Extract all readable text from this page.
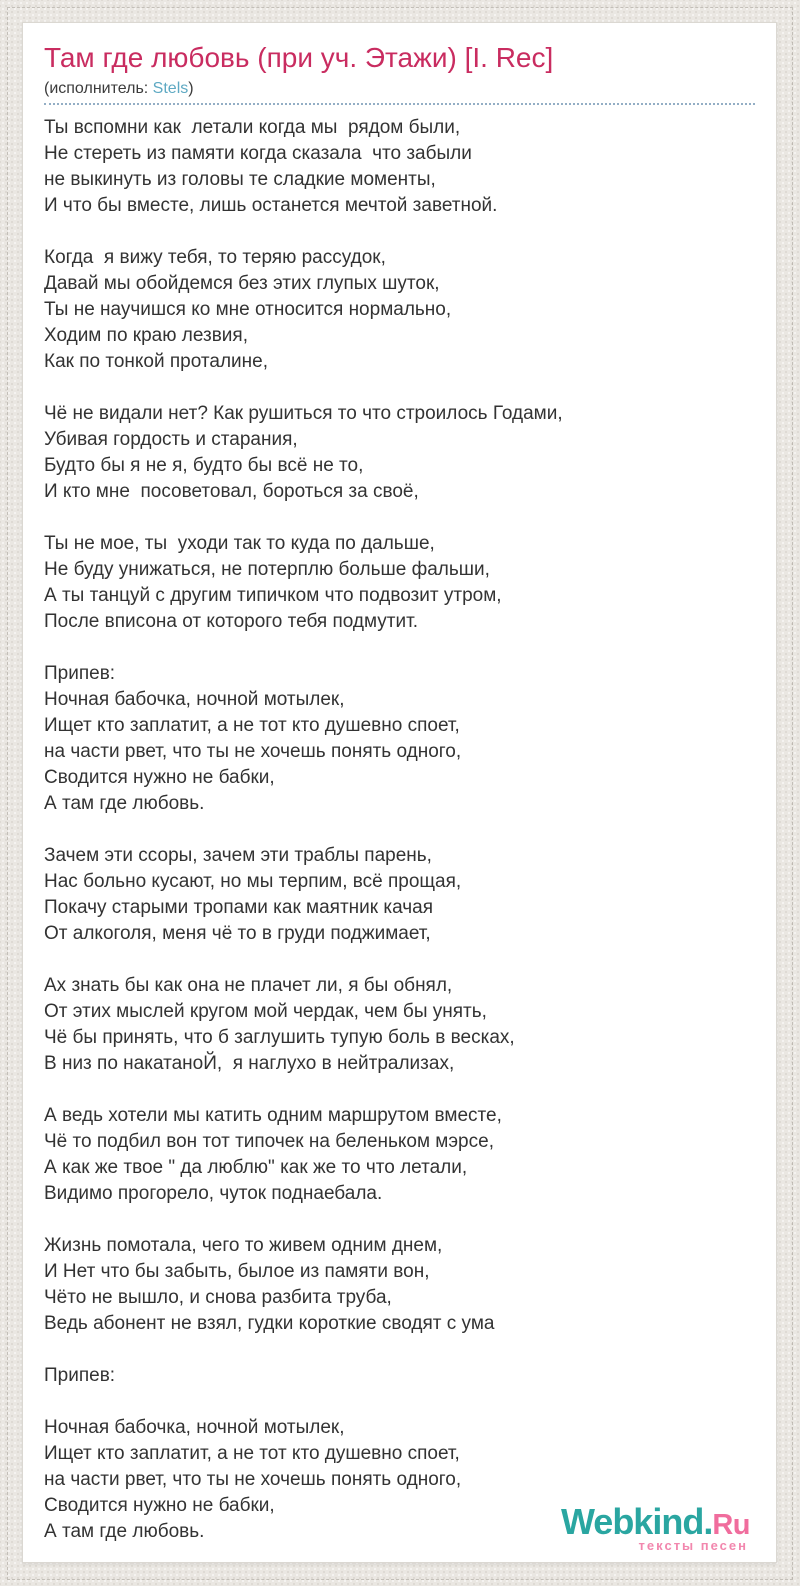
Там где любовь (при уч. Этажи) [I. Rec]
(исполнитель: Stels)
Ты вспомни как  летали когда мы  рядом были,
Не стереть из памяти когда сказала  что забыли
не выкинуть из головы те сладкие моменты,
И что бы вместе, лишь останется мечтой заветной.
Когда  я вижу тебя, то теряю рассудок,
Давай мы обойдемся без этих глупых шуток,
Ты не научишся ко мне относится нормально,
Ходим по краю лезвия,
Как по тонкой проталине,
Чё не видали нет? Как рушиться то что строилось Годами,
Убивая гордость и старания,
Будто бы я не я, будто бы всё не то,
И кто мне  посоветовал, бороться за своё,
Ты не мое, ты  уходи так то куда по дальше,
Не буду унижаться, не потерплю больше фальши,
А ты танцуй с другим типичком что подвозит утром,
После вписона от которого тебя подмутит.
Припев:
Ночная бабочка, ночной мотылек,
Ищет кто заплатит, а не тот кто душевно споет,
на части рвет, что ты не хочешь понять одного,
Сводится нужно не бабки,
А там где любовь.
Зачем эти ссоры, зачем эти траблы парень,
Нас больно кусают, но мы терпим, всё прощая,
Покачу старыми тропами как маятник качая
От алкоголя, меня чё то в груди поджимает,
Ах знать бы как она не плачет ли, я бы обнял,
От этих мыслей кругом мой чердак, чем бы унять,
Чё бы принять, что б заглушить тупую боль в весках,
В низ по накатаноЙ,  я наглухо в нейтрализах,
А ведь хотели мы катить одним маршрутом вместе,
Чё то подбил вон тот типочек на беленьком мэрсе,
А как же твое " да люблю" как же то что летали,
Видимо прогорело, чуток поднаебала.
Жизнь помотала, чего то живем одним днем,
И Нет что бы забыть, былое из памяти вон,
Чёто не вышло, и снова разбита труба,
Ведь абонент не взял, гудки короткие сводят с ума
Припев:
Ночная бабочка, ночной мотылек,
Ищет кто заплатит, а не тот кто душевно споет,
на части рвет, что ты не хочешь понять одного,
Сводится нужно не бабки,
А там где любовь.	Webkind.Ru
тексты песен
